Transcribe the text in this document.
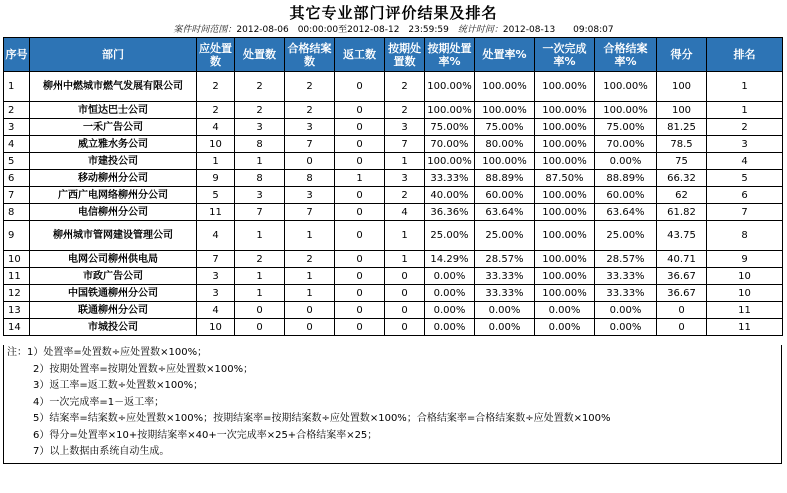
其它专业部门评价结果及排名
案件时间范围：2012-08-06　00:00:00至2012-08-12　23:59:59　 统计时间：2012-08-13　　09:08:07
序号	部门	应处置数	处置数	合格结案数	返工数	按期处置数	按期处置率%	处置率%	一次完成率%	合格结案率%	得分	排名
1	柳州中燃城市燃气发展有限公司	2	2	2	0	2	100.00%	100.00%	100.00%	100.00%	100	1
2	市恒达巴士公司	2	2	2	0	2	100.00%	100.00%	100.00%	100.00%	100	1
3	一禾广告公司	4	3	3	0	3	75.00%	75.00%	100.00%	75.00%	81.25	2
4	威立雅水务公司	10	8	7	0	7	70.00%	80.00%	100.00%	70.00%	78.5	3
5	市建投公司	1	1	0	0	1	100.00%	100.00%	100.00%	0.00%	75	4
6	移动柳州分公司	9	8	8	1	3	33.33%	88.89%	87.50%	88.89%	66.32	5
7	广西广电网络柳州分公司	5	3	3	0	2	40.00%	60.00%	100.00%	60.00%	62	6
8	电信柳州分公司	11	7	7	0	4	36.36%	63.64%	100.00%	63.64%	61.82	7
9	柳州城市管网建设管理公司	4	1	1	0	1	25.00%	25.00%	100.00%	25.00%	43.75	8
10	电网公司柳州供电局	7	2	2	0	1	14.29%	28.57%	100.00%	28.57%	40.71	9
11	市政广告公司	3	1	1	0	0	0.00%	33.33%	100.00%	33.33%	36.67	10
12	中国铁通柳州分公司	3	1	1	0	0	0.00%	33.33%	100.00%	33.33%	36.67	10
13	联通柳州分公司	4	0	0	0	0	0.00%	0.00%	0.00%	0.00%	0	11
14	市城投公司	10	0	0	0	0	0.00%	0.00%	0.00%	0.00%	0	11
注：1）处置率=处置数÷应处置数×100%；
2）按期处置率=按期处置数÷应处置数×100%；
3）返工率=返工数÷处置数×100%；
4）一次完成率=1－返工率；
5）结案率=结案数÷应处置数×100%；按期结案率=按期结案数÷应处置数×100%；合格结案率=合格结案数÷应处置数×100%
6）得分=处置率×10+按期结案率×40+一次完成率×25+合格结案率×25；
7）以上数据由系统自动生成。
